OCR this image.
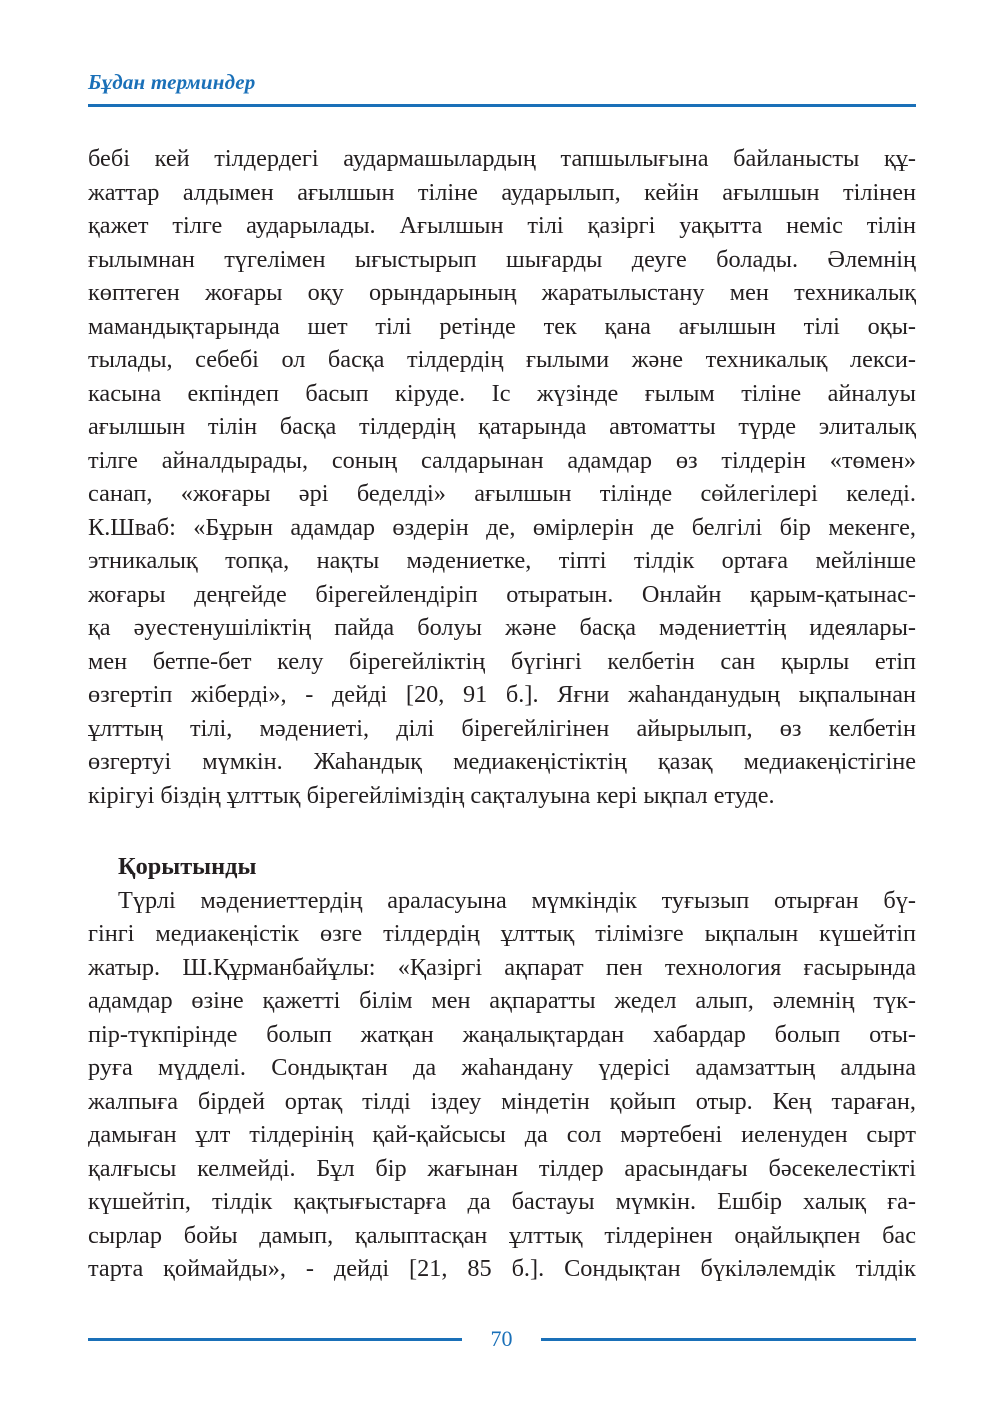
Бұдан терминдер
бебі кей тілдердегі аудармашылардың тапшылығына байланысты құ-
жаттар алдымен ағылшын тіліне аударылып, кейін ағылшын тілінен
қажет тілге аударылады. Ағылшын тілі қазіргі уақытта неміс тілін
ғылымнан түгелімен ығыстырып шығарды деуге болады. Әлемнің
көптеген жоғары оқу орындарының жаратылыстану мен техникалық
мамандықтарында шет тілі ретінде тек қана ағылшын тілі оқы-
тылады, себебі ол басқа тілдердің ғылыми және техникалық лекси-
касына екпіндеп басып кіруде. Іс жүзінде ғылым тіліне айналуы
ағылшын тілін басқа тілдердің қатарында автоматты түрде элиталық
тілге айналдырады, соның салдарынан адамдар өз тілдерін «төмен»
санап, «жоғары әрі беделді» ағылшын тілінде сөйлегілері келеді.
К.Шваб: «Бұрын адамдар өздерін де, өмірлерін де белгілі бір мекенге,
этникалық топқа, нақты мәдениетке, тіпті тілдік ортаға мейлінше
жоғары деңгейде бірегейлендіріп отыратын. Онлайн қарым-қатынас-
қа әуестенушіліктің пайда болуы және басқа мәдениеттің идеялары-
мен бетпе-бет келу бірегейліктің бүгінгі келбетін сан қырлы етіп
өзгертіп жіберді», - дейді [20, 91 б.]. Яғни жаһанданудың ықпалынан
ұлттың тілі, мәдениеті, ділі бірегейлігінен айырылып, өз келбетін
өзгертуі мүмкін. Жаһандық медиакеңістіктің қазақ медиакеңістігіне
кірігуі біздің ұлттық бірегейліміздің сақталуына кері ықпал етуде.
Қорытынды
Түрлі мәдениеттердің араласуына мүмкіндік туғызып отырған бү-
гінгі медиакеңістік өзге тілдердің ұлттық тілімізге ықпалын күшейтіп
жатыр. Ш.Құрманбайұлы: «Қазіргі ақпарат пен технология ғасырында
адамдар өзіне қажетті білім мен ақпаратты жедел алып, әлемнің түк-
пір-түкпірінде болып жатқан жаңалықтардан хабардар болып оты-
руға мүдделі. Сондықтан да жаһандану үдерісі адамзаттың алдына
жалпыға бірдей ортақ тілді іздеу міндетін қойып отыр. Кең тараған,
дамыған ұлт тілдерінің қай-қайсысы да сол мәртебені иеленуден сырт
қалғысы келмейді. Бұл бір жағынан тілдер арасындағы бәсекелестікті
күшейтіп, тілдік қақтығыстарға да бастауы мүмкін. Ешбір халық ға-
сырлар бойы дамып, қалыптасқан ұлттық тілдерінен оңайлықпен бас
тарта қоймайды», - дейді [21, 85 б.]. Сондықтан бүкіләлемдік тілдік
70
